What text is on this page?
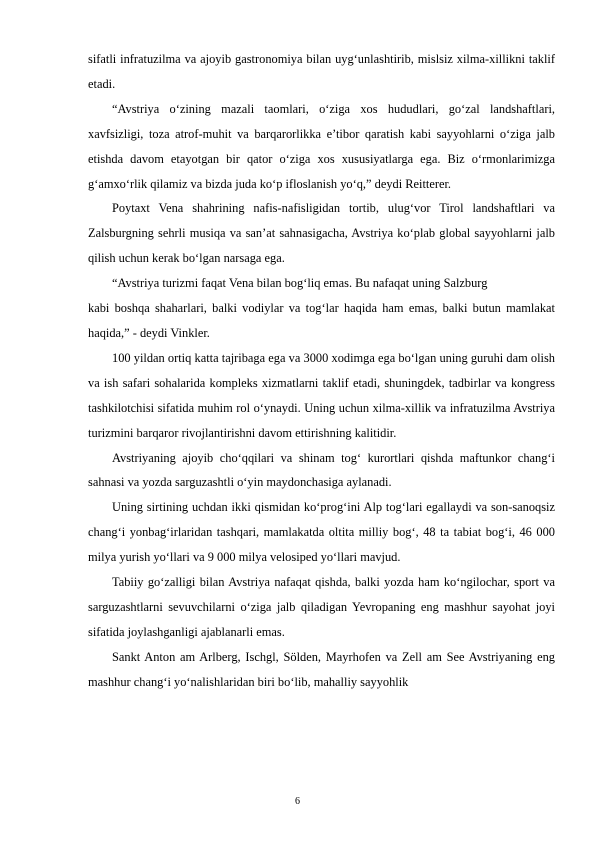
sifatli infratuzilma va ajoyib gastronomiya bilan uyg‘unlashtirib, mislsiz xilma-xillikni taklif etadi.

“Avstriya o‘zining mazali taomlari, o‘ziga xos hududlari, go‘zal landshaftlari, xavfsizligi, toza atrof-muhit va barqarorlikka e’tibor qaratish kabi sayyohlarni o‘ziga jalb etishda davom etayotgan bir qator o‘ziga xos xususiyatlarga ega. Biz o‘rmonlarimizga g‘amxo‘rlik qilamiz va bizda juda ko‘p ifloslanish yo‘q,” deydi Reitterer.

Poytaxt Vena shahrining nafis-nafisligidan tortib, ulug‘vor Tirol landshaftlari va Zalsburgning sehrli musiqa va san’at sahnasigacha, Avstriya ko‘plab global sayyohlarni jalb qilish uchun kerak bo‘lgan narsaga ega.

“Avstriya turizmi faqat Vena bilan bog‘liq emas. Bu nafaqat uning Salzburg

kabi boshqa shaharlari, balki vodiylar va tog‘lar haqida ham emas, balki butun mamlakat haqida,” - deydi Vinkler.

100 yildan ortiq katta tajribaga ega va 3000 xodimga ega bo‘lgan uning guruhi dam olish va ish safari sohalarida kompleks xizmatlarni taklif etadi, shuningdek, tadbirlar va kongress tashkilotchisi sifatida muhim rol o‘ynaydi. Uning uchun xilma-xillik va infratuzilma Avstriya turizmini barqaror rivojlantirishni davom ettirishning kalitidir.

Avstriyaning ajoyib cho‘qqilari va shinam tog‘ kurortlari qishda maftunkor chang‘i sahnasi va yozda sarguzashtli o‘yin maydonchasiga aylanadi.

Uning sirtining uchdan ikki qismidan ko‘prog‘ini Alp tog‘lari egallaydi va son-sanoqsiz chang‘i yonbag‘irlaridan tashqari, mamlakatda oltita milliy bog‘, 48 ta tabiat bog‘i, 46 000 milya yurish yo‘llari va 9 000 milya velosiped yo‘llari mavjud.

Tabiiy go‘zalligi bilan Avstriya nafaqat qishda, balki yozda ham ko‘ngilochar, sport va sarguzashtlarni sevuvchilarni o‘ziga jalb qiladigan Yevropaning eng mashhur sayohat joyi sifatida joylashganligi ajablanarli emas.

Sankt Anton am Arlberg, Ischgl, Sölden, Mayrhofen va Zell am See Avstriyaning eng mashhur chang‘i yo‘nalishlaridan biri bo‘lib, mahalliy sayyohlik

6
